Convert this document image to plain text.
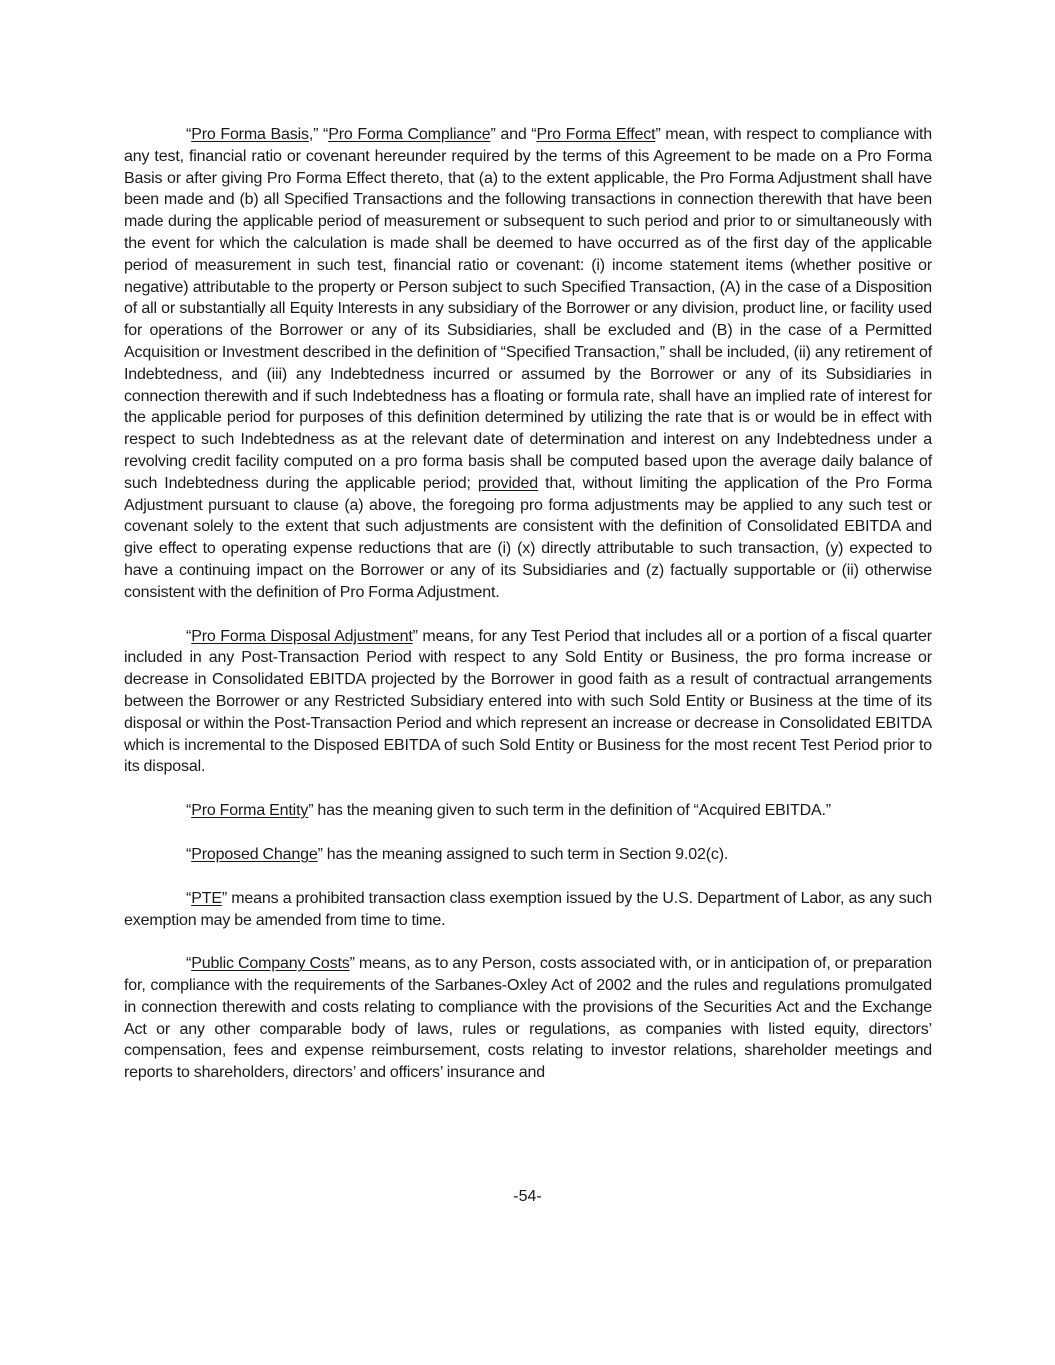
“Pro Forma Basis,” “Pro Forma Compliance” and “Pro Forma Effect” mean, with respect to compliance with any test, financial ratio or covenant hereunder required by the terms of this Agreement to be made on a Pro Forma Basis or after giving Pro Forma Effect thereto, that (a) to the extent applicable, the Pro Forma Adjustment shall have been made and (b) all Specified Transactions and the following transactions in connection therewith that have been made during the applicable period of measurement or subsequent to such period and prior to or simultaneously with the event for which the calculation is made shall be deemed to have occurred as of the first day of the applicable period of measurement in such test, financial ratio or covenant: (i) income statement items (whether positive or negative) attributable to the property or Person subject to such Specified Transaction, (A) in the case of a Disposition of all or substantially all Equity Interests in any subsidiary of the Borrower or any division, product line, or facility used for operations of the Borrower or any of its Subsidiaries, shall be excluded and (B) in the case of a Permitted Acquisition or Investment described in the definition of “Specified Transaction,” shall be included, (ii) any retirement of Indebtedness, and (iii) any Indebtedness incurred or assumed by the Borrower or any of its Subsidiaries in connection therewith and if such Indebtedness has a floating or formula rate, shall have an implied rate of interest for the applicable period for purposes of this definition determined by utilizing the rate that is or would be in effect with respect to such Indebtedness as at the relevant date of determination and interest on any Indebtedness under a revolving credit facility computed on a pro forma basis shall be computed based upon the average daily balance of such Indebtedness during the applicable period; provided that, without limiting the application of the Pro Forma Adjustment pursuant to clause (a) above, the foregoing pro forma adjustments may be applied to any such test or covenant solely to the extent that such adjustments are consistent with the definition of Consolidated EBITDA and give effect to operating expense reductions that are (i) (x) directly attributable to such transaction, (y) expected to have a continuing impact on the Borrower or any of its Subsidiaries and (z) factually supportable or (ii) otherwise consistent with the definition of Pro Forma Adjustment.

“Pro Forma Disposal Adjustment” means, for any Test Period that includes all or a portion of a fiscal quarter included in any Post-Transaction Period with respect to any Sold Entity or Business, the pro forma increase or decrease in Consolidated EBITDA projected by the Borrower in good faith as a result of contractual arrangements between the Borrower or any Restricted Subsidiary entered into with such Sold Entity or Business at the time of its disposal or within the Post-Transaction Period and which represent an increase or decrease in Consolidated EBITDA which is incremental to the Disposed EBITDA of such Sold Entity or Business for the most recent Test Period prior to its disposal.

“Pro Forma Entity” has the meaning given to such term in the definition of “Acquired EBITDA.”

“Proposed Change” has the meaning assigned to such term in Section 9.02(c).

“PTE” means a prohibited transaction class exemption issued by the U.S. Department of Labor, as any such exemption may be amended from time to time.

“Public Company Costs” means, as to any Person, costs associated with, or in anticipation of, or preparation for, compliance with the requirements of the Sarbanes-Oxley Act of 2002 and the rules and regulations promulgated in connection therewith and costs relating to compliance with the provisions of the Securities Act and the Exchange Act or any other comparable body of laws, rules or regulations, as companies with listed equity, directors’ compensation, fees and expense reimbursement, costs relating to investor relations, shareholder meetings and reports to shareholders, directors’ and officers’ insurance and

-54-
